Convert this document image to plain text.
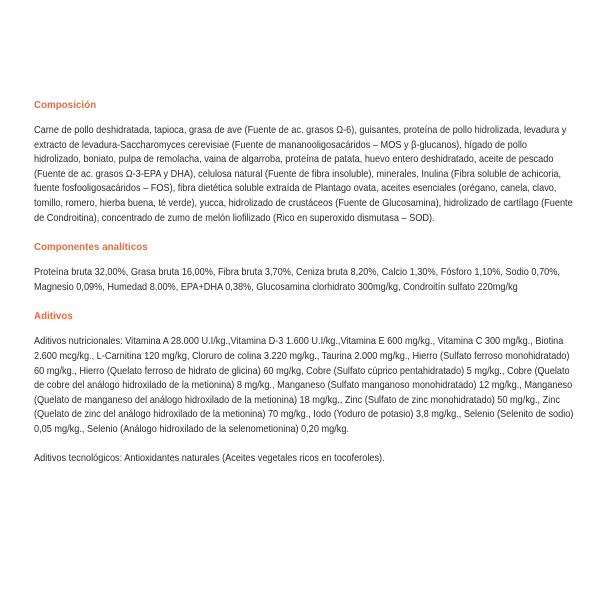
Composición

Carne de pollo deshidratada, tapioca, grasa de ave (Fuente de ac. grasos Ω-6), guisantes, proteína de pollo hidrolizada, levadura y extracto de levadura-Saccharomyces cerevisiae (Fuente de mananooligosacáridos – MOS y β-glucanos), hígado de pollo hidrolizado, boniato, pulpa de remolacha, vaina de algarroba, proteína de patata, huevo entero deshidratado, aceite de pescado (Fuente de ac. grasos Ω-3-EPA y DHA), celulosa natural (Fuente de fibra insoluble), minerales, Inulina (Fibra soluble de achicoria, fuente fosfooligosacáridos – FOS), fibra dietética soluble extraída de Plantago ovata, aceites esenciales (orégano, canela, clavo, tomillo, romero, hierba buena, té verde), yucca, hidrolizado de crustáceos (Fuente de Glucosamina), hidrolizado de cartílago (Fuente de Condroitina), concentrado de zumo de melón liofilizado (Rico en superoxido dismutasa – SOD).

Componentes analíticos

Proteína bruta 32,00%, Grasa bruta 16,00%, Fibra bruta 3,70%, Ceniza bruta 8,20%, Calcio 1,30%, Fósforo 1,10%, Sodio 0,70%, Magnesio 0,09%, Humedad 8,00%, EPA+DHA 0,38%, Glucosamina clorhidrato 300mg/kg, Condroitín sulfato 220mg/kg

Aditivos

Aditivos nutricionales: Vitamina A 28.000 U.I/kg.,Vitamina D-3 1.600 U.I/kg.,Vitamina E 600 mg/kg., Vitamina C 300 mg/kg., Biotina 2.600 mcg/kg., L-Carnitina 120 mg/kg, Cloruro de colina 3.220 mg/kg., Taurina 2.000 mg/kg., Hierro (Sulfato ferroso monohidratado) 60 mg/kg., Hierro (Quelato ferroso de hidrato de glicina) 60 mg/kg, Cobre (Sulfato cúprico pentahidratado) 5 mg/kg., Cobre (Quelato de cobre del análogo hidroxilado de la metionina) 8 mg/kg., Manganeso (Sulfato manganoso monohidratado) 12 mg/kg., Manganeso (Quelato de manganeso del análogo hidroxilado de la metionina) 18 mg/kg., Zinc (Sulfato de zinc monohidratado) 50 mg/kg., Zinc (Quelato de zinc del análogo hidroxilado de la metionina) 70 mg/kg., Iodo (Yoduro de potasio) 3,8 mg/kg., Selenio (Selenito de sodio) 0,05 mg/kg., Selenio (Análogo hidroxilado de la selenometionina) 0,20 mg/kg.

Aditivos tecnológicos: Antioxidantes naturales (Aceites vegetales ricos en tocoferoles).
